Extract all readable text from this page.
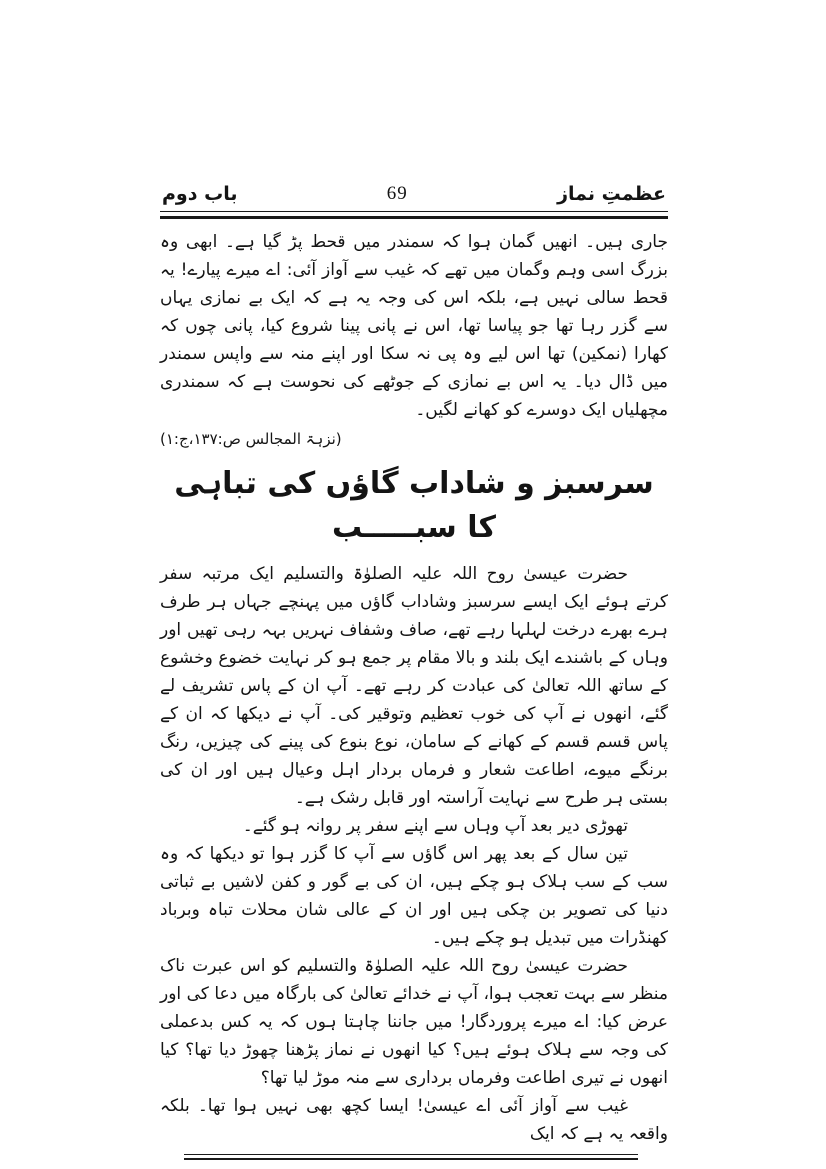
عظمتِ نماز
69
باب دوم

جاری ہیں۔ انھیں گمان ہوا کہ سمندر میں قحط پڑ گیا ہے۔ ابھی وہ بزرگ اسی وہم وگمان میں تھے کہ غیب سے آواز آئی: اے میرے پیارے! یہ قحط سالی نہیں ہے، بلکہ اس کی وجہ یہ ہے کہ ایک بے نمازی یہاں سے گزر رہا تھا جو پیاسا تھا، اس نے پانی پینا شروع کیا، پانی چوں کہ کھارا (نمکین) تھا اس لیے وہ پی نہ سکا اور اپنے منہ سے واپس سمندر میں ڈال دیا۔ یہ اس بے نمازی کے جوٹھے کی نحوست ہے کہ سمندری مچھلیاں ایک دوسرے کو کھانے لگیں۔

(نزہۃ المجالس ص:۱۳۷،ج:۱)

سرسبز و شاداب گاؤں کی تباہی کا سبـــــب

حضرت عیسیٰ روح اللہ علیہ الصلوٰۃ والتسلیم ایک مرتبہ سفر کرتے ہوئے ایک ایسے سرسبز وشاداب گاؤں میں پہنچے جہاں ہر طرف ہرے بھرے درخت لہلہا رہے تھے، صاف وشفاف نہریں بہہ رہی تھیں اور وہاں کے باشندے ایک بلند و بالا مقام پر جمع ہو کر نہایت خضوع وخشوع کے ساتھ اللہ تعالیٰ کی عبادت کر رہے تھے۔ آپ ان کے پاس تشریف لے گئے، انھوں نے آپ کی خوب تعظیم وتوقیر کی۔ آپ نے دیکھا کہ ان کے پاس قسم قسم کے کھانے کے سامان، نوع بنوع کی پینے کی چیزیں، رنگ برنگے میوے، اطاعت شعار و فرماں بردار اہل وعیال ہیں اور ان کی بستی ہر طرح سے نہایت آراستہ اور قابل رشک ہے۔

تھوڑی دیر بعد آپ وہاں سے اپنے سفر پر روانہ ہو گئے۔

تین سال کے بعد پھر اس گاؤں سے آپ کا گزر ہوا تو دیکھا کہ وہ سب کے سب ہلاک ہو چکے ہیں، ان کی بے گور و کفن لاشیں بے ثباتی دنیا کی تصویر بن چکی ہیں اور ان کے عالی شان محلات تباہ وبرباد کھنڈرات میں تبدیل ہو چکے ہیں۔

حضرت عیسیٰ روح اللہ علیہ الصلوٰۃ والتسلیم کو اس عبرت ناک منظر سے بہت تعجب ہوا، آپ نے خدائے تعالیٰ کی بارگاہ میں دعا کی اور عرض کیا: اے میرے پروردگار! میں جاننا چاہتا ہوں کہ یہ کس بدعملی کی وجہ سے ہلاک ہوئے ہیں؟ کیا انھوں نے نماز پڑھنا چھوڑ دیا تھا؟ کیا انھوں نے تیری اطاعت وفرماں برداری سے منہ موڑ لیا تھا؟

غیب سے آواز آئی اے عیسیٰ! ایسا کچھ بھی نہیں ہوا تھا۔ بلکہ واقعہ یہ ہے کہ ایک
